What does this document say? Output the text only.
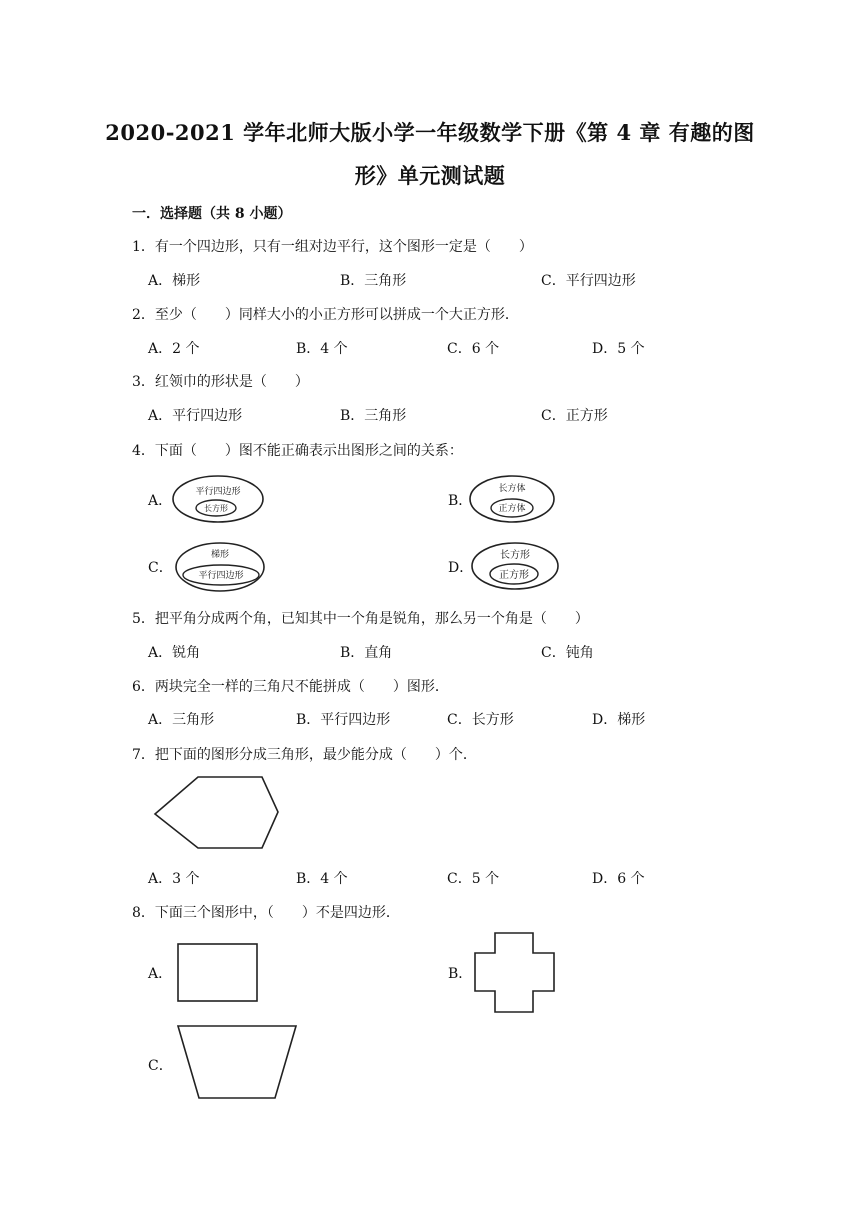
2020-2021 学年北师大版小学一年级数学下册《第 4 章 有趣的图
形》单元测试题
一．选择题（共 8 小题）
1．有一个四边形，只有一组对边平行，这个图形一定是（　　）
A．梯形	B．三角形	C．平行四边形
2．至少（　　）同样大小的小正方形可以拼成一个大正方形．
A．2 个	B．4 个	C．6 个	D．5 个
3．红领巾的形状是（　　）
A．平行四边形	B．三角形	C．正方形
4．下面（　　）图不能正确表示出图形之间的关系：
A．
平行四边形
长方形	B．
长方体
正方体
C．
梯形
平行四边形	D．
长方形
正方形
5．把平角分成两个角，已知其中一个角是锐角，那么另一个角是（　　）
A．锐角	B．直角	C．钝角
6．两块完全一样的三角尺不能拼成（　　）图形．
A．三角形	B．平行四边形	C．长方形	D．梯形
7．把下面的图形分成三角形，最少能分成（　　）个．
A．3 个	B．4 个	C．5 个	D．6 个
8．下面三个图形中，（　　）不是四边形．
A．	B．
C．
